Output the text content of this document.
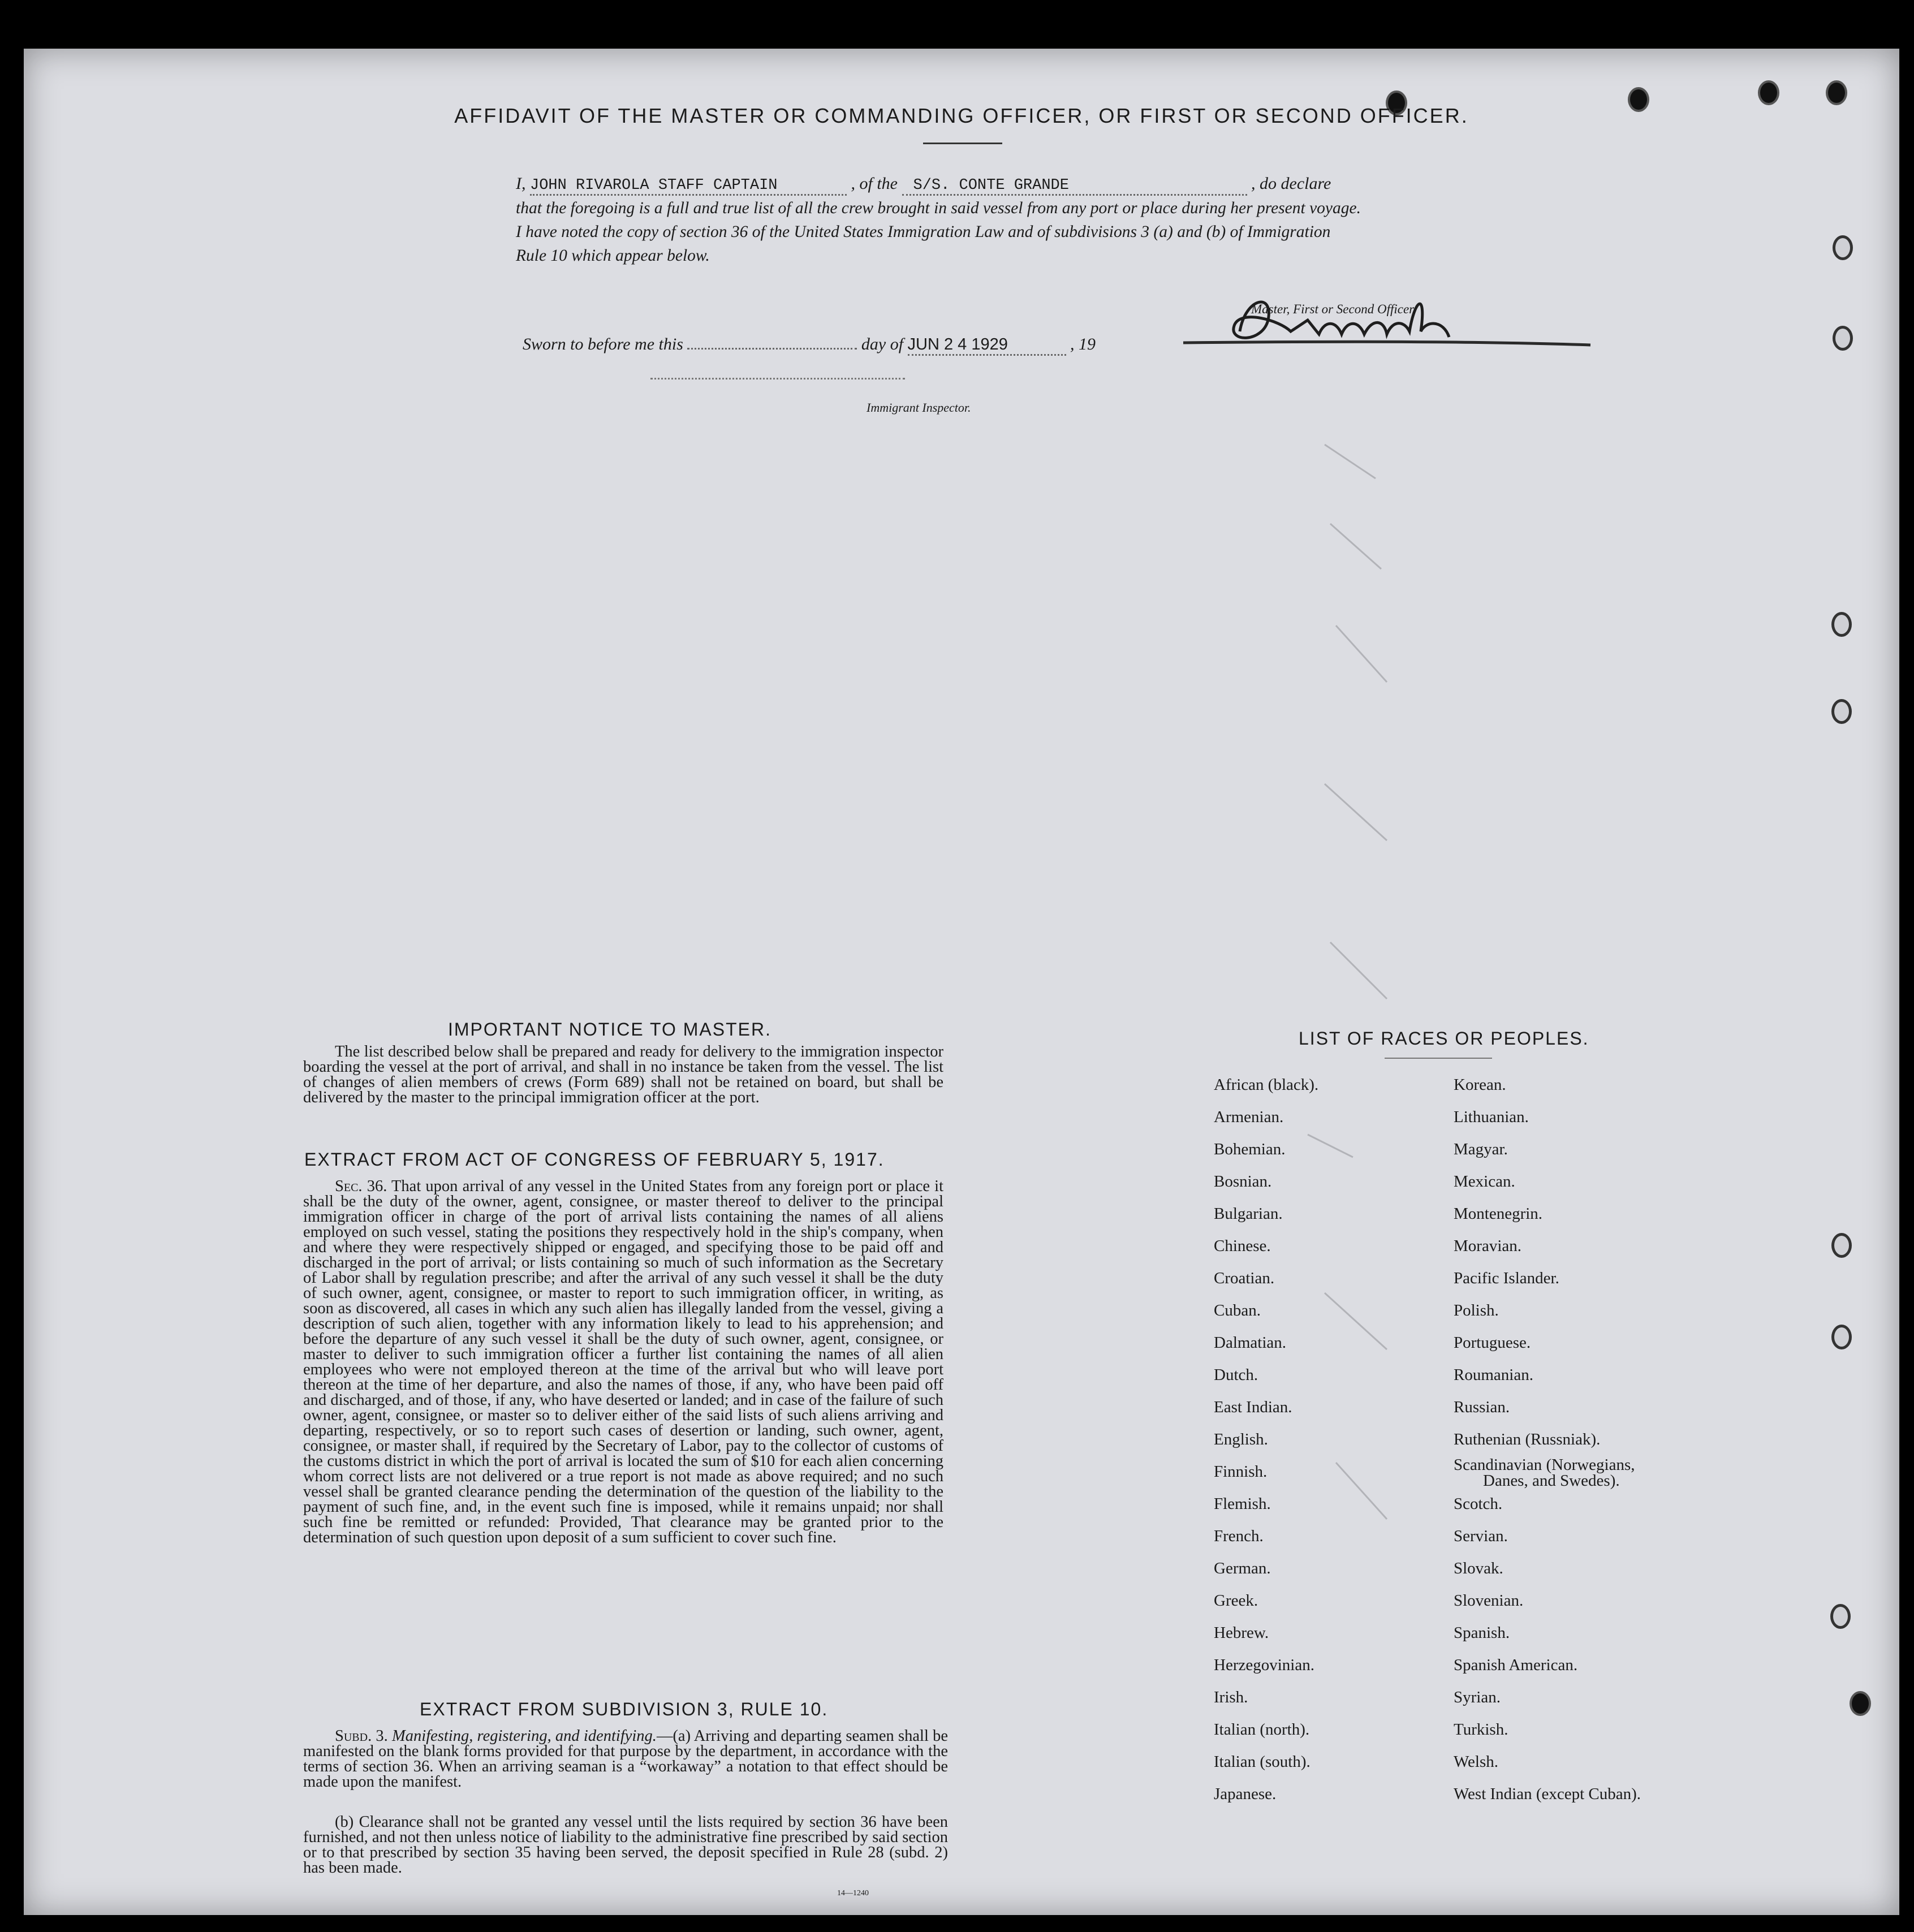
AFFIDAVIT OF THE MASTER OR COMMANDING OFFICER, OR FIRST OR SECOND OFFICER.
I, JOHN RIVAROLA STAFF CAPTAIN	, of the S/S. CONTE GRANDE	, do declare
that the foregoing is a full and true list of all the crew brought in said vessel from any port or place during her present voyage.
I have noted the copy of section 36 of the United States Immigration Law and of subdivisions 3 (a) and (b) of Immigration
Rule 10 which appear below.
Master, First or Second Officer.
Sworn to before me this	day of JUN 2 4 1929	, 19
Immigrant Inspector.
IMPORTANT NOTICE TO MASTER.
The list described below shall be prepared and ready for delivery to the immigration inspector boarding the vessel at the port of arrival, and shall in no instance be taken from the vessel. The list of changes of alien members of crews (Form 689) shall not be retained on board, but shall be delivered by the master to the principal immigration officer at the port.
EXTRACT FROM ACT OF CONGRESS OF FEBRUARY 5, 1917.
Sec. 36. That upon arrival of any vessel in the United States from any foreign port or place it shall be the duty of the owner, agent, consignee, or master thereof to deliver to the principal immigration officer in charge of the port of arrival lists containing the names of all aliens employed on such vessel, stating the positions they respectively hold in the ship's company, when and where they were respectively shipped or engaged, and specifying those to be paid off and discharged in the port of arrival; or lists containing so much of such information as the Secretary of Labor shall by regulation prescribe; and after the arrival of any such vessel it shall be the duty of such owner, agent, consignee, or master to report to such immigration officer, in writing, as soon as discovered, all cases in which any such alien has illegally landed from the vessel, giving a description of such alien, together with any information likely to lead to his apprehension; and before the departure of any such vessel it shall be the duty of such owner, agent, consignee, or master to deliver to such immigration officer a further list containing the names of all alien employees who were not employed thereon at the time of the arrival but who will leave port thereon at the time of her departure, and also the names of those, if any, who have been paid off and discharged, and of those, if any, who have deserted or landed; and in case of the failure of such owner, agent, consignee, or master so to deliver either of the said lists of such aliens arriving and departing, respectively, or so to report such cases of desertion or landing, such owner, agent, consignee, or master shall, if required by the Secretary of Labor, pay to the collector of customs of the customs district in which the port of arrival is located the sum of $10 for each alien concerning whom correct lists are not delivered or a true report is not made as above required; and no such vessel shall be granted clearance pending the determination of the question of the liability to the payment of such fine, and, in the event such fine is imposed, while it remains unpaid; nor shall such fine be remitted or refunded: Provided, That clearance may be granted prior to the determination of such question upon deposit of a sum sufficient to cover such fine.
EXTRACT FROM SUBDIVISION 3, RULE 10.
Subd. 3. Manifesting, registering, and identifying.—(a) Arriving and departing seamen shall be manifested on the blank forms provided for that purpose by the department, in accordance with the terms of section 36. When an arriving seaman is a “workaway” a notation to that effect should be made upon the manifest.
(b) Clearance shall not be granted any vessel until the lists required by section 36 have been furnished, and not then unless notice of liability to the administrative fine prescribed by said section or to that prescribed by section 35 having been served, the deposit specified in Rule 28 (subd. 2) has been made.
14—1240
LIST OF RACES OR PEOPLES.
African (black).
Armenian.
Bohemian.
Bosnian.
Bulgarian.
Chinese.
Croatian.
Cuban.
Dalmatian.
Dutch.
East Indian.
English.
Finnish.
Flemish.
French.
German.
Greek.
Hebrew.
Herzegovinian.
Irish.
Italian (north).
Italian (south).
Japanese.
Korean.
Lithuanian.
Magyar.
Mexican.
Montenegrin.
Moravian.
Pacific Islander.
Polish.
Portuguese.
Roumanian.
Russian.
Ruthenian (Russniak).
Scandinavian (Norwegians,
Danes, and Swedes).
Scotch.
Servian.
Slovak.
Slovenian.
Spanish.
Spanish American.
Syrian.
Turkish.
Welsh.
West Indian (except Cuban).
